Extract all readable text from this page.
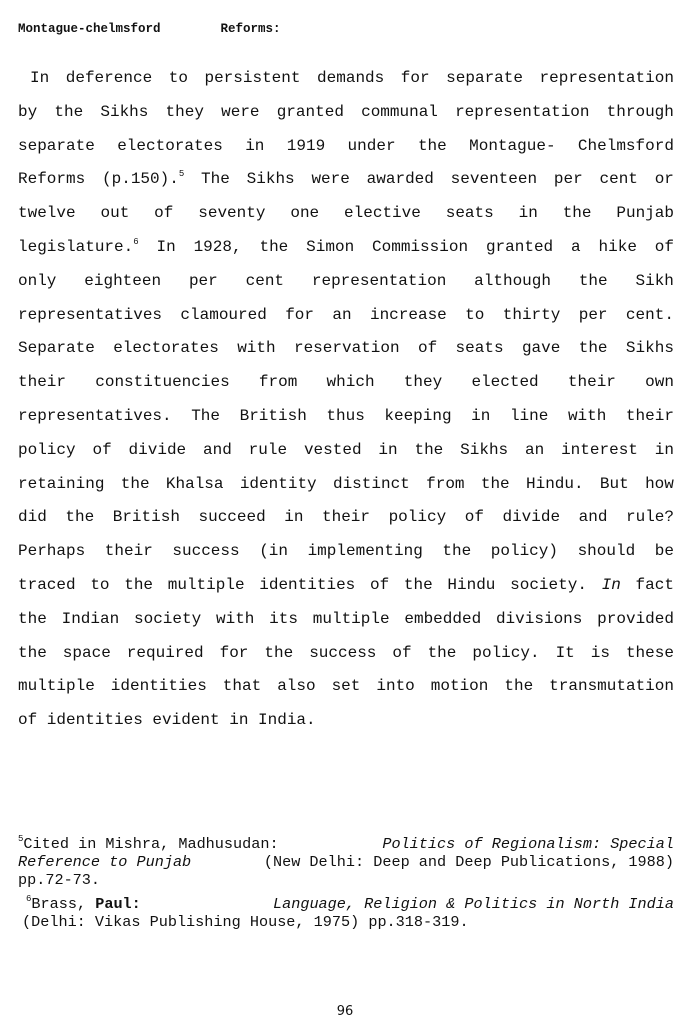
Montague-chelmsford	Reforms:
In deference to persistent demands for separate representation
by the Sikhs they were granted communal representation through
separate electorates in 1919 under the Montague- Chelmsford
Reforms (p.150).$^5$ The Sikhs were awarded seventeen per cent or
twelve out of seventy one elective seats in the Punjab
legislature.$^6$ In 1928, the Simon Commission granted a hike of
only eighteen per cent representation although the Sikh
representatives clamoured for an increase to thirty per cent.
Separate electorates with reservation of seats gave the Sikhs
their constituencies from which they elected their own
representatives. The British thus keeping in line with their
policy of divide and rule vested in the Sikhs an interest in
retaining the Khalsa identity distinct from the Hindu. But how
did the British succeed in their policy of divide and rule?
Perhaps their success (in implementing the policy) should be
traced to the multiple identities of the Hindu society. In fact
the Indian society with its multiple embedded divisions provided
the space required for the success of the policy. It is these
multiple identities that also set into motion the transmutation
of identities evident in India.
$^5$Cited in Mishra, Madhusudan:	Politics of Regionalism: Special
Reference to Punjab	(New Delhi: Deep and Deep Publications, 1988)
pp.72-73.
$^6$Brass, Paul:	Language, Religion & Politics in North India
(Delhi: Vikas Publishing House, 1975) pp.318-319.
96
